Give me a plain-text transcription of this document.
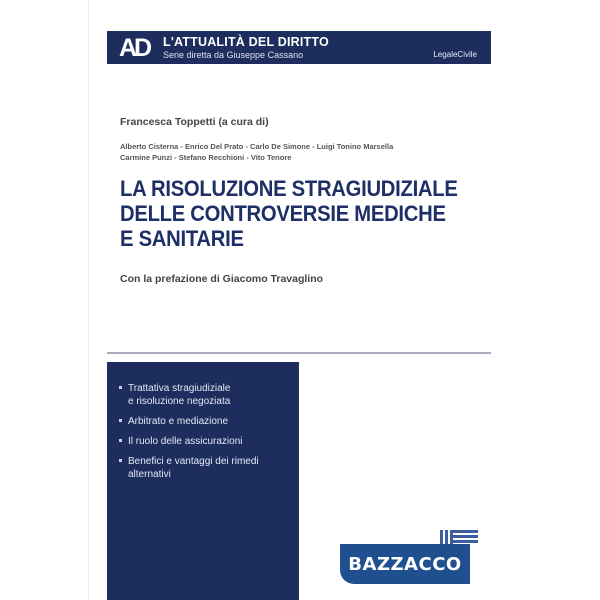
AD L'ATTUALITÀ DEL DIRITTO
Serie diretta da Giuseppe Cassano	LegaleCivile
Francesca Toppetti (a cura di)
Alberto Cisterna - Enrico Del Prato - Carlo De Simone - Luigi Tonino Marsella
Carmine Punzi - Stefano Recchioni - Vito Tenore
LA RISOLUZIONE STRAGIUDIZIALE
DELLE CONTROVERSIE MEDICHE
E SANITARIE
Con la prefazione di Giacomo Travaglino
Trattativa stragiudiziale
e risoluzione negoziata
Arbitrato e mediazione
Il ruolo delle assicurazioni
Benefici e vantaggi dei rimedi
alternativi
BAZZACCO
